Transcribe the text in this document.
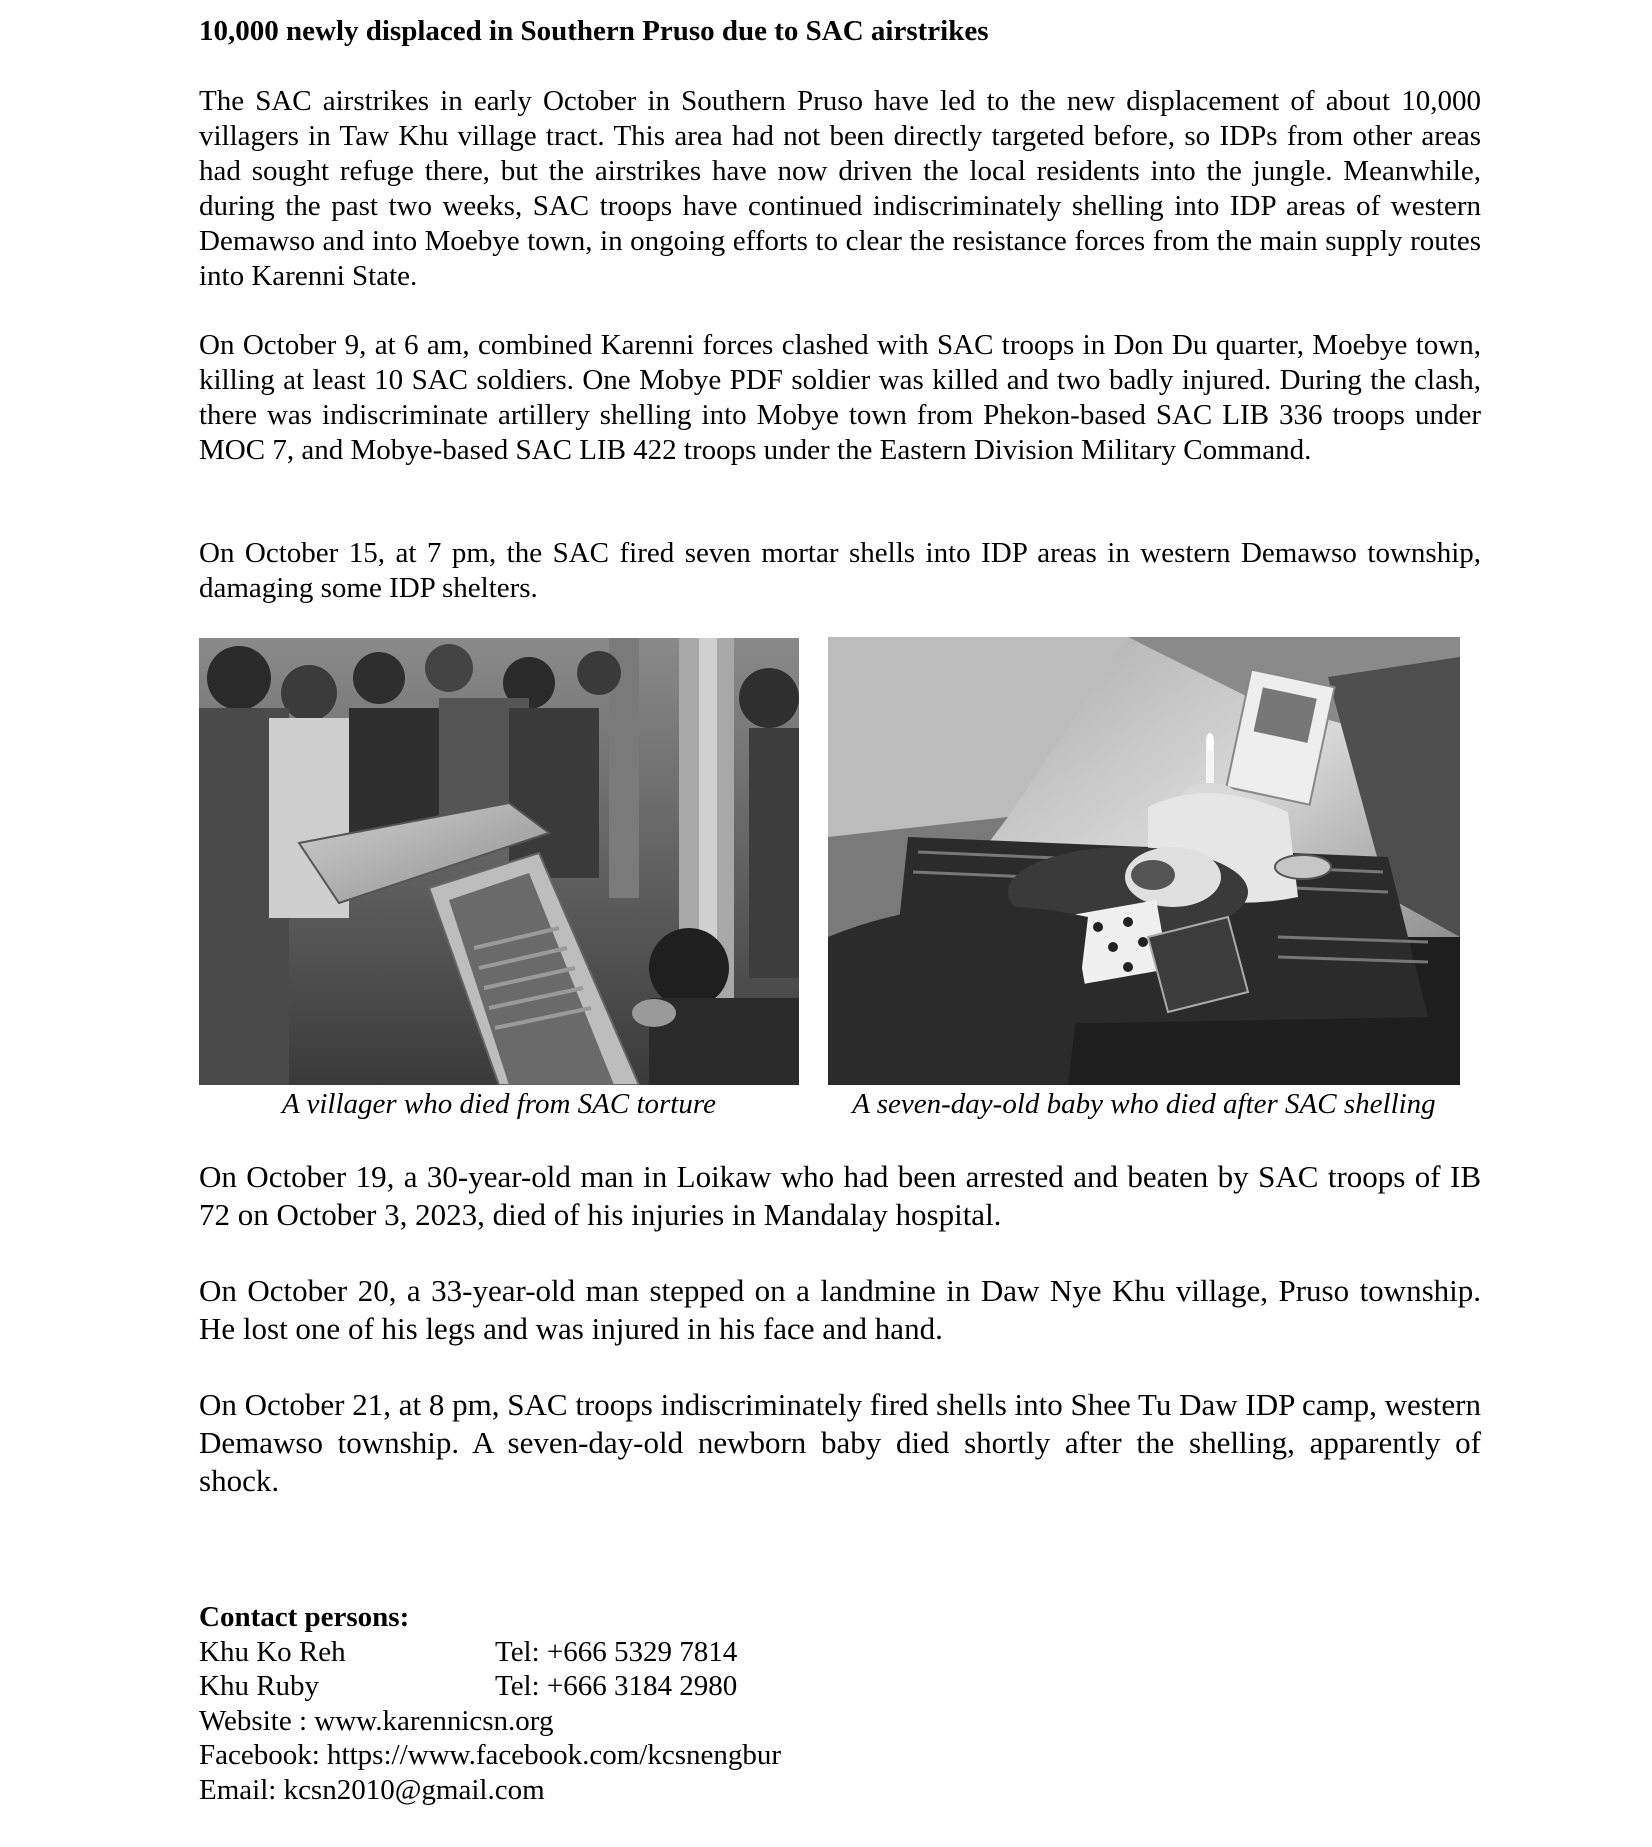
10,000 newly displaced in Southern Pruso due to SAC airstrikes

The SAC airstrikes in early October in Southern Pruso have led to the new displacement of about 10,000 villagers in Taw Khu village tract. This area had not been directly targeted before, so IDPs from other areas had sought refuge there, but the airstrikes have now driven the local residents into the jungle. Meanwhile, during the past two weeks, SAC troops have continued indiscriminately shelling into IDP areas of western Demawso and into Moebye town, in ongoing efforts to clear the resistance forces from the main supply routes into Karenni State.

On October 9, at 6 am, combined Karenni forces clashed with SAC troops in Don Du quarter, Moebye town, killing at least 10 SAC soldiers. One Mobye PDF soldier was killed and two badly injured. During the clash, there was indiscriminate artillery shelling into Mobye town from Phekon-based SAC LIB 336 troops under MOC 7, and Mobye-based SAC LIB 422 troops under the Eastern Division Military Command.

On October 15, at 7 pm, the SAC fired seven mortar shells into IDP areas in western Demawso township, damaging some IDP shelters.

A villager who died from SAC torture	A seven-day-old baby who died after SAC shelling

On October 19, a 30-year-old man in Loikaw who had been arrested and beaten by SAC troops of IB 72 on October 3, 2023, died of his injuries in Mandalay hospital.

On October 20, a 33-year-old man stepped on a landmine in Daw Nye Khu village, Pruso township. He lost one of his legs and was injured in his face and hand.

On October 21, at 8 pm, SAC troops indiscriminately fired shells into Shee Tu Daw IDP camp, western Demawso township. A seven-day-old newborn baby died shortly after the shelling, apparently of shock.

Contact persons:
Khu Ko Reh	Tel: +666 5329 7814
Khu Ruby	Tel: +666 3184 2980
Website : www.karennicsn.org
Facebook: https://www.facebook.com/kcsnengbur
Email: kcsn2010@gmail.com
